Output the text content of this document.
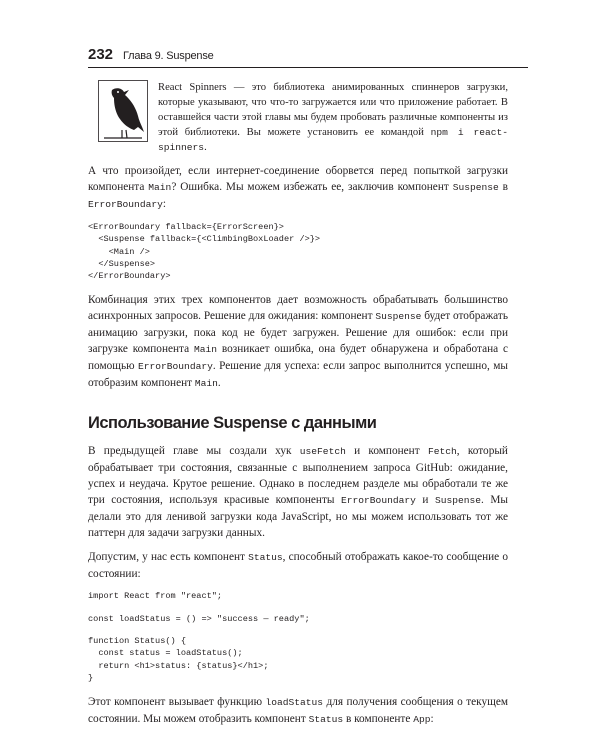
232 Глава 9. Suspense
React Spinners — это библиотека анимированных спиннеров загрузки, которые указывают, что что-то загружается или что приложение работает. В оставшейся части этой главы мы будем пробовать различные компоненты из этой библиотеки. Вы можете установить ее командой npm i react-spinners.

А что произойдет, если интернет-соединение оборвется перед попыткой загрузки компонента Main? Ошибка. Мы можем избежать ее, заключив компонент Suspense в ErrorBoundary:

<ErrorBoundary fallback={ErrorScreen}>
<Suspense fallback={<ClimbingBoxLoader />}>
<Main />
</Suspense>
</ErrorBoundary>

Комбинация этих трех компонентов дает возможность обрабатывать большинство асинхронных запросов. Решение для ожидания: компонент Suspense будет отображать анимацию загрузки, пока код не будет загружен. Решение для ошибок: если при загрузке компонента Main возникает ошибка, она будет обнаружена и обработана с помощью ErrorBoundary. Решение для успеха: если запрос выполнится успешно, мы отобразим компонент Main.

Использование Suspense с данными

В предыдущей главе мы создали хук useFetch и компонент Fetch, который обрабатывает три состояния, связанные с выполнением запроса GitHub: ожидание, успех и неудача. Крутое решение. Однако в последнем разделе мы обработали те же три состояния, используя красивые компоненты ErrorBoundary и Suspense. Мы делали это для ленивой загрузки кода JavaScript, но мы можем использовать тот же паттерн для задачи загрузки данных.

Допустим, у нас есть компонент Status, способный отображать какое-то сообщение о состоянии:

import React from "react";
const loadStatus = () => "success — ready";
function Status() {
const status = loadStatus();
return <h1>status: {status}</h1>;
}

Этот компонент вызывает функцию loadStatus для получения сообщения о текущем состоянии. Мы можем отобразить компонент Status в компоненте App:
